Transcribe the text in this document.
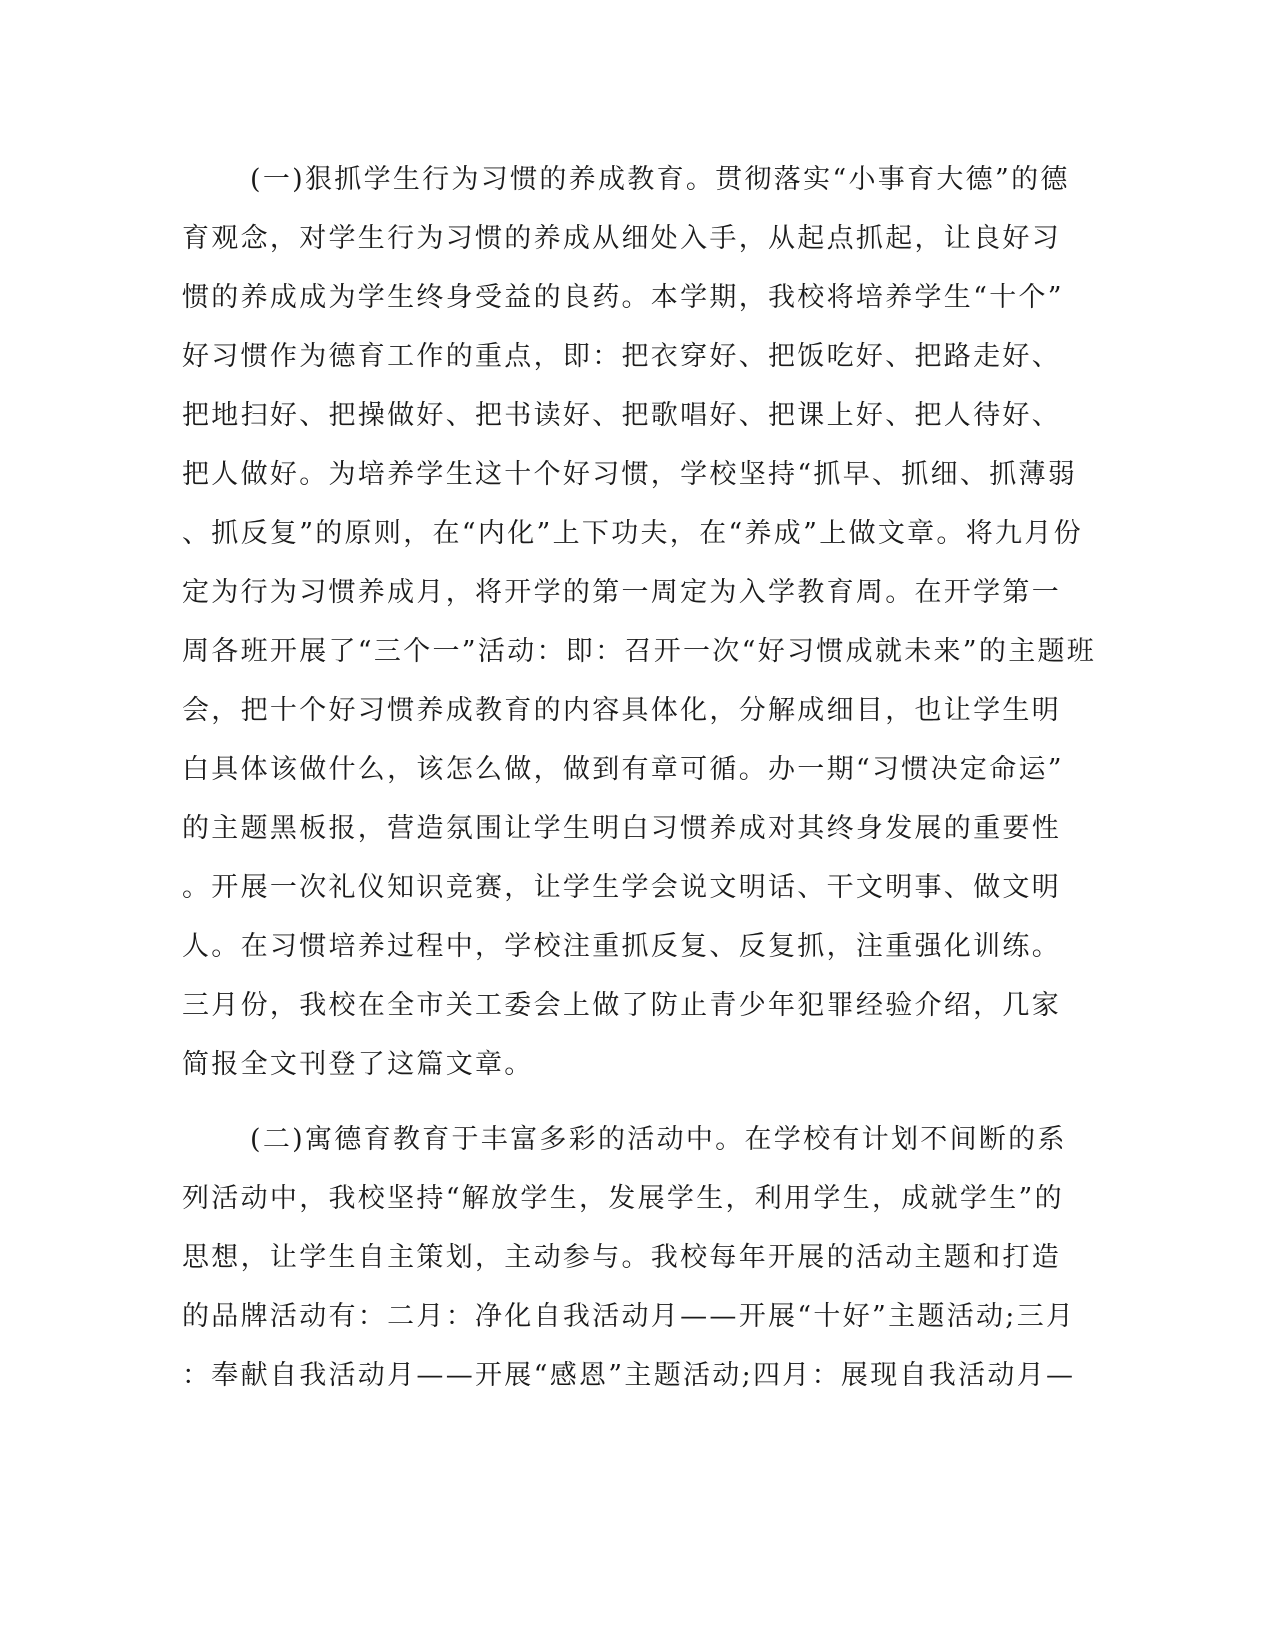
(一)狠抓学生行为习惯的养成教育。贯彻落实“小事育大德”的德
育观念，对学生行为习惯的养成从细处入手，从起点抓起，让良好习
惯的养成成为学生终身受益的良药。本学期，我校将培养学生“十个”
好习惯作为德育工作的重点，即：把衣穿好、把饭吃好、把路走好、
把地扫好、把操做好、把书读好、把歌唱好、把课上好、把人待好、
把人做好。为培养学生这十个好习惯，学校坚持“抓早、抓细、抓薄弱
、抓反复”的原则，在“内化”上下功夫，在“养成”上做文章。将九月份
定为行为习惯养成月，将开学的第一周定为入学教育周。在开学第一
周各班开展了“三个一”活动：即：召开一次“好习惯成就未来”的主题班
会，把十个好习惯养成教育的内容具体化，分解成细目，也让学生明
白具体该做什么，该怎么做，做到有章可循。办一期“习惯决定命运”
的主题黑板报，营造氛围让学生明白习惯养成对其终身发展的重要性
。开展一次礼仪知识竞赛，让学生学会说文明话、干文明事、做文明
人。在习惯培养过程中，学校注重抓反复、反复抓，注重强化训练。
三月份，我校在全市关工委会上做了防止青少年犯罪经验介绍，几家
简报全文刊登了这篇文章。
(二)寓德育教育于丰富多彩的活动中。在学校有计划不间断的系
列活动中，我校坚持“解放学生，发展学生，利用学生，成就学生”的
思想，让学生自主策划，主动参与。我校每年开展的活动主题和打造
的品牌活动有：二月：净化自我活动月——开展“十好”主题活动;三月
：奉献自我活动月——开展“感恩”主题活动;四月：展现自我活动月—
